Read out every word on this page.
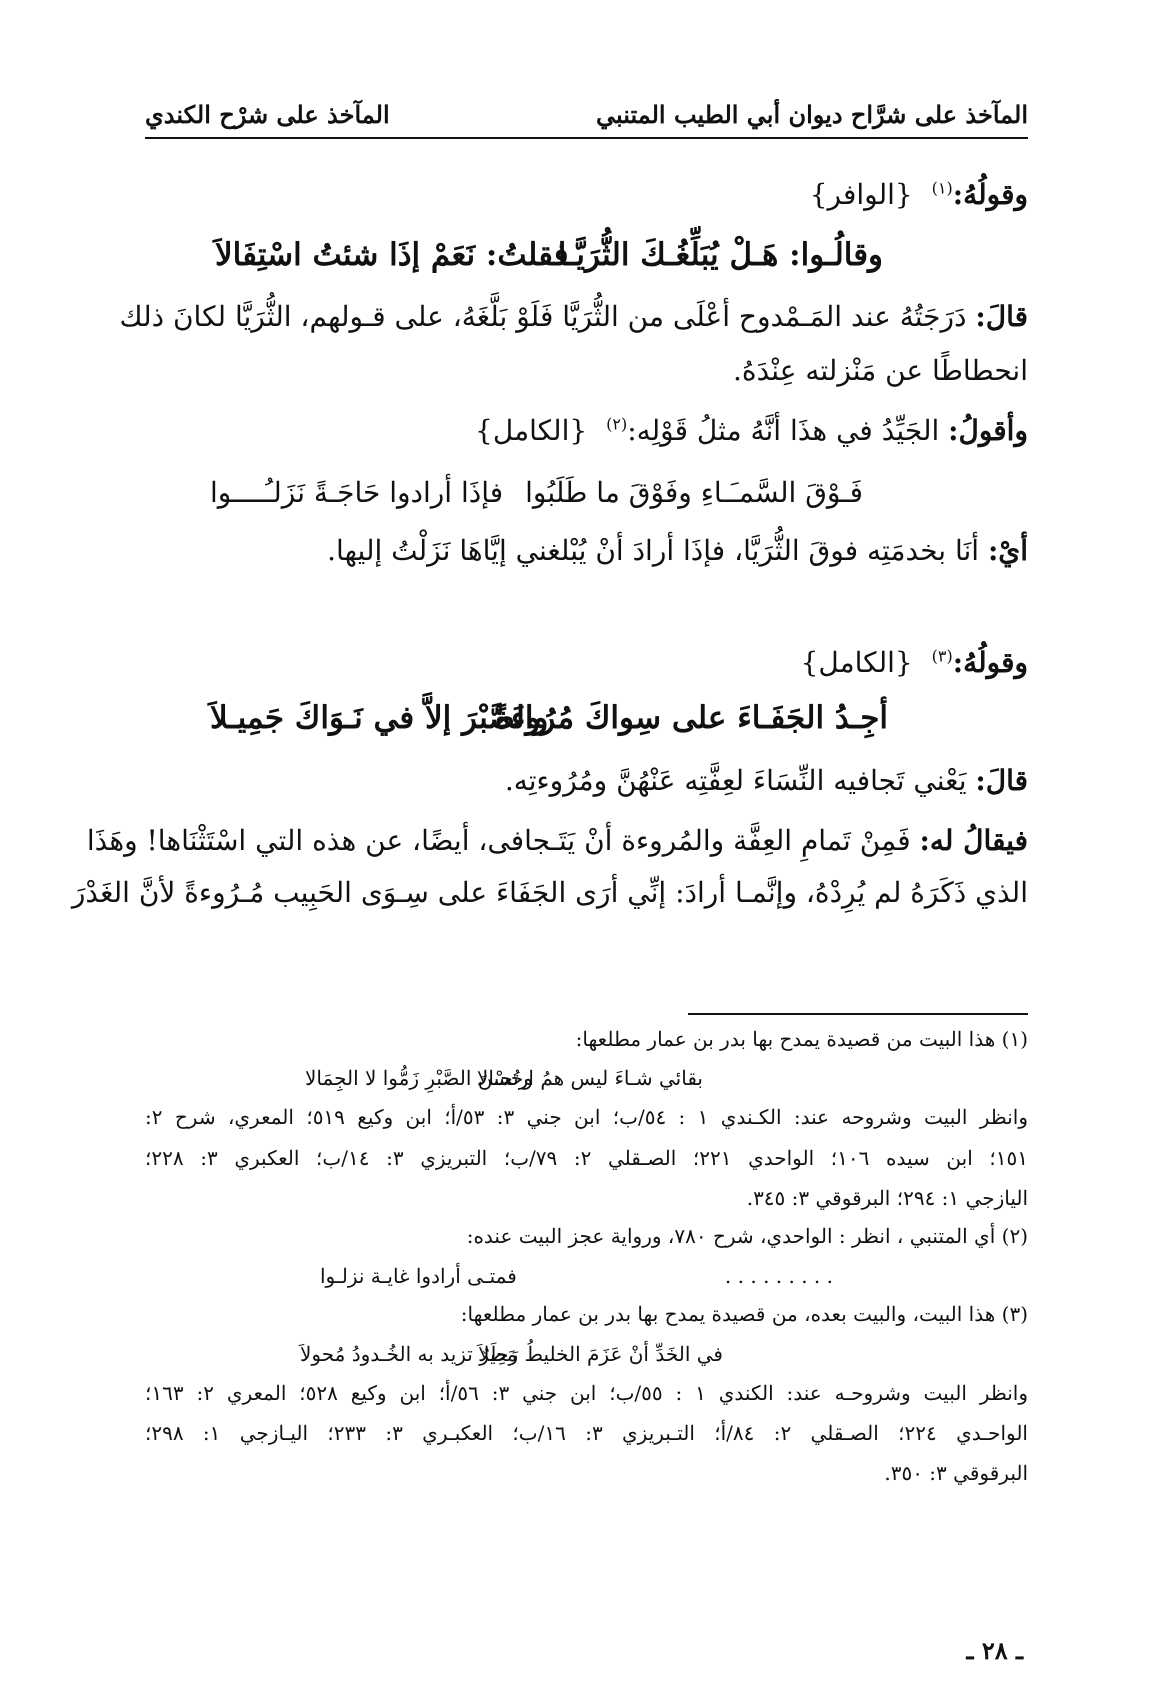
المآخذ على شرَّاح ديوان أبي الطيب المتنبي
المآخذ على شرْح الكندي
وقولُهُ:$^{(١)}$ {الوافر}
وقالُـوا: هَـلْ يُبَلِّغُـكَ الثُّرَيَّـا
فقلتُ: نَعَمْ إذَا شئتُ اسْتِفَالاَ
قالَ: دَرَجَتُهُ عند المَـمْدوح أعْلَى من الثُّرَيَّا فَلَوْ بَلَّغَهُ، على قـولهم، الثُّرَيَّا لكانَ ذلك
انحطاطًا عن مَنْزلته عِنْدَهُ.
وأقولُ: الجَيِّدُ في هذَا أنَّهُ مثلُ قَوْلِه:$^{(٢)}$ {الكامل}
فَـوْقَ السَّمـَـاءِ وفَوْقَ ما طَلَبُوا
فإذَا أرادوا حَاجَـةً نَزَلـُــــوا
أيْ: أنَا بخدمَتِه فوقَ الثُّرَيَّا، فإذَا أرادَ أنْ يُبْلغني إيَّاهَا نَزَلْتُ إليها.
وقولُهُ:$^{(٣)}$ {الكامل}
أجِـدُ الجَفَـاءَ على سِواكَ مُرُوءَةً
والصَّبْرَ إلاَّ في نَـوَاكَ جَمِيـلاَ
قالَ: يَعْني تَجافيه النِّسَاءَ لعِفَّتِه عَنْهُنَّ ومُرُوءتِه.
فيقالُ له: فَمِنْ تَمامِ العِفَّة والمُروءة أنْ يَتَـجافى، أيضًا، عن هذه التي اسْتَثْنَاها! وهَذَا
الذي ذَكَرَهُ لم يُرِدْهُ، وإنَّمـا أرادَ: إنِّي أرَى الجَفَاءَ على سِـوَى الحَبِيب مُـرُوءةً لأنَّ الغَدْرَ
(١) هذا البيت من قصيدة يمدح بها بدر بن عمار مطلعها:
بقائي شـاءَ ليس همُ ارتحـالا
وحُسْنَ الصَّبْرِ زَمُّوا لا الجِمَالا
وانظر البيت وشروحه عند: الكـندي ١ : ٥٤/ب؛ ابن جني ٣: ٥٣/أ؛ ابن وكيع ٥١٩؛ المعري، شرح ٢:
١٥١؛ ابن سيده ١٠٦؛ الواحدي ٢٢١؛ الصـقلي ٢: ٧٩/ب؛ التبريزي ٣: ١٤/ب؛ العكبري ٣: ٢٢٨؛
اليازجي ١: ٢٩٤؛ البرقوقي ٣: ٣٤٥.
(٢) أي المتنبي ، انظر : الواحدي، شرح ٧٨٠، ورواية عجز البيت عنده:
. . . . . . . . .
فمتـى أرادوا غايـة نزلـوا
(٣) هذا البيت، والبيت بعده، من قصيدة يمدح بها بدر بن عمار مطلعها:
في الخَدِّ أنْ عَزَمَ الخليطُ رَحِيلاَ
مَطَرٌ تزيد به الخُـدودُ مُحولاَ
وانظر البيت وشروحـه عند: الكندي ١ : ٥٥/ب؛ ابن جني ٣: ٥٦/أ؛ ابن وكيع ٥٢٨؛ المعري ٢: ١٦٣؛
الواحـدي ٢٢٤؛ الصـقلي ٢: ٨٤/أ؛ التـبريزي ٣: ١٦/ب؛ العكبـري ٣: ٢٣٣؛ اليـازجي ١: ٢٩٨؛
البرقوقي ٣: ٣٥٠.
ـ ٢٨ ـ
